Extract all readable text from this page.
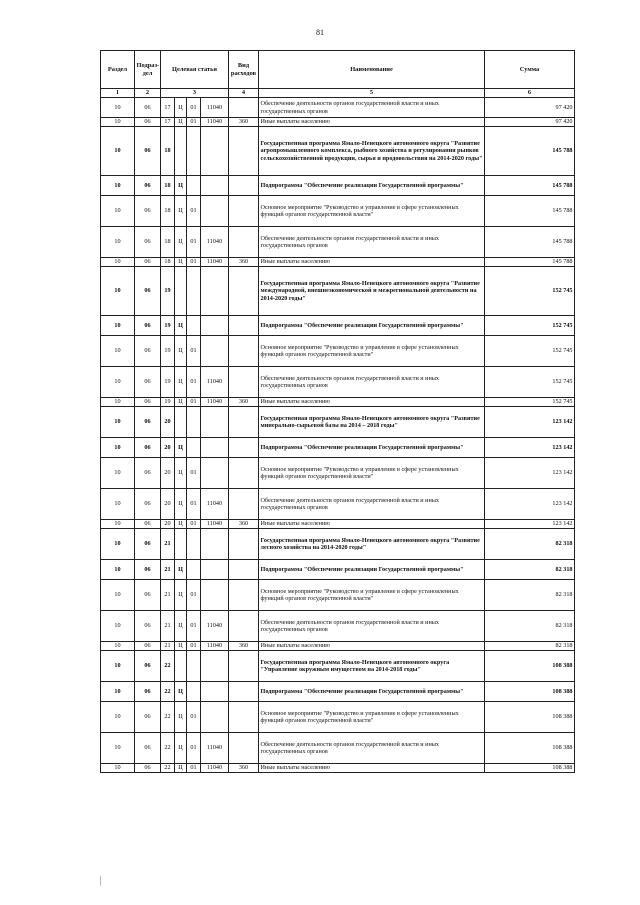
81
Раздел	Подраз-дел	Целевая статья				Вид расходов	Наименование	Сумма
1	2	3				4	5	6
10	06	17	Ц	01	11040		Обеспечение деятельности органов государственной власти и иных государственных органов	97 420
10	06	17	Ц	01	11040	360	Иные выплаты населению	97 420
10	06	18					Государственная программа Ямало-Ненецкого автономного округа "Развитие агропромышленного комплекса, рыбного хозяйства и регулирования рынков сельскохозяйственной продукции, сырья и продовольствия на 2014-2020 годы"	145 788
10	06	18	Ц				Подпрограмма "Обеспечение реализации Государственной программы"	145 788
10	06	18	Ц	01			Основное мероприятие "Руководство и управление в сфере установленных функций органов государственной власти"	145 788
10	06	18	Ц	01	11040		Обеспечение деятельности органов государственной власти и иных государственных органов	145 788
10	06	18	Ц	01	11040	360	Иные выплаты населению	145 788
10	06	19					Государственная программа Ямало-Ненецкого автономного округа "Развитие международной, внешнеэкономической и межрегиональной деятельности на 2014-2020 годы"	152 745
10	06	19	Ц				Подпрограмма "Обеспечение реализации Государственной программы"	152 745
10	06	19	Ц	01			Основное мероприятие "Руководство и управление в сфере установленных функций органов государственной власти"	152 745
10	06	19	Ц	01	11040		Обеспечение деятельности органов государственной власти и иных государственных органов	152 745
10	06	19	Ц	01	11040	360	Иные выплаты населению	152 745
10	06	20					Государственная программа Ямало-Ненецкого автономного округа "Развитие минерально-сырьевой базы на 2014 – 2018 годы"	123 142
10	06	20	Ц				Подпрограмма "Обеспечение реализации Государственной программы"	123 142
10	06	20	Ц	01			Основное мероприятие "Руководство и управление в сфере установленных функций органов государственной власти"	123 142
10	06	20	Ц	01	11040		Обеспечение деятельности органов государственной власти и иных государственных органов	123 142
10	06	20	Ц	01	11040	360	Иные выплаты населению	123 142
10	06	21					Государственная программа Ямало-Ненецкого автономного округа "Развитие лесного хозяйства на 2014-2020 годы"	82 318
10	06	21	Ц				Подпрограмма "Обеспечение реализации Государственной программы"	82 318
10	06	21	Ц	01			Основное мероприятие "Руководство и управление в сфере установленных функций органов государственной власти"	82 318
10	06	21	Ц	01	11040		Обеспечение деятельности органов государственной власти и иных государственных органов	82 318
10	06	21	Ц	01	11040	360	Иные выплаты населению	82 318
10	06	22					Государственная программа Ямало-Ненецкого автономного округа "Управление окружным имуществом на 2014-2018 годы"	108 388
10	06	22	Ц				Подпрограмма "Обеспечение реализации Государственной программы"	108 388
10	06	22	Ц	01			Основное мероприятие "Руководство и управление в сфере установленных функций органов государственной власти"	108 388
10	06	22	Ц	01	11040		Обеспечение деятельности органов государственной власти и иных государственных органов	108 388
10	06	22	Ц	01	11040	360	Иные выплаты населению	108 388
